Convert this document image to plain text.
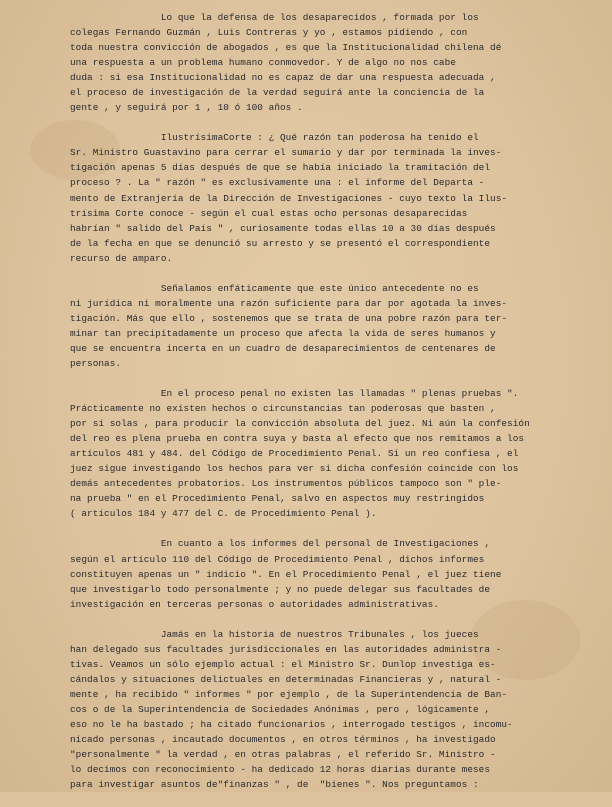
Lo que la defensa de los desaparecidos , formada por los
colegas Fernando Guzmán , Luis Contreras y yo , estamos pidiendo , con
toda nuestra convicción de abogados , es que la Institucionalidad chilena dé
una respuesta a un problema humano conmovedor. Y de algo no nos cabe
duda : si esa Institucionalidad no es capaz de dar una respuesta adecuada ,
el proceso de investigación de la verdad seguirá ante la conciencia de la
gente , y seguirá por 1 , 10 ó 100 años .
IlustrísimaCorte : ¿ Qué razón tan poderosa ha tenido el
Sr. Ministro Guastavino para cerrar el sumario y dar por terminada la inves-
tigación apenas 5 días después de que se había iniciado la tramitación del
proceso ? . La " razón " es exclusivamente una : el informe del Departa -
mento de Extranjería de la Dirección de Investigaciones - cuyo texto la Ilus-
trísima Corte conoce - según el cual estas ocho personas desaparecidas
habrían " salido del País " , curiosamente todas ellas 10 a 30 días después
de la fecha en que se denunció su arresto y se presentó el correspondiente
recurso de amparo.
Señalamos enfáticamente que este único antecedente no es
ni jurídica ni moralmente una razón suficiente para dar por agotada la inves-
tigación. Más que ello , sostenemos que se trata de una pobre razón para ter-
minar tan precipitadamente un proceso que afecta la vida de seres humanos y
que se encuentra incerta en un cuadro de desaparecimientos de centenares de
personas.
En el proceso penal no existen las llamadas " plenas pruebas ".
Prácticamente no existen hechos o circunstancias tan poderosas que basten ,
por sí solas , para producir la convicción absoluta del juez. Ni aún la confesión
del reo es plena prueba en contra suya y basta al efecto que nos remitamos a los
artículos 481 y 484. del Código de Procedimiento Penal. Si un reo confiesa , el
juez sigue investigando los hechos para ver si dicha confesión coincide con los
demás antecedentes probatorios. Los instrumentos públicos tampoco son " ple-
na prueba " en el Procedimiento Penal, salvo en aspectos muy restringidos
( artículos 184 y 477 del C. de Procedimiento Penal ).
En cuanto a los informes del personal de Investigaciones ,
según el artículo 110 del Código de Procedimiento Penal , dichos informes
constituyen apenas un " indicio ". En el Procedimiento Penal , el juez tiene
que investigarlo todo personalmente ; y no puede delegar sus facultades de
investigación en terceras personas o autoridades administrativas.
Jamás en la historia de nuestros Tribunales , los jueces
han delegado sus facultades jurisdiccionales en las autoridades administra -
tivas. Veamos un sólo ejemplo actual : el Ministro Sr. Dunlop investiga es-
cándalos y situaciones delictuales en determinadas Financieras y , natural -
mente , ha recibido " informes " por ejemplo , de la Superintendencia de Ban-
cos o de la Superintendencia de Sociedades Anónimas , pero , lógicamente ,
eso no le ha bastado ; ha citado funcionarios , interrogado testigos , incomu-
nicado personas , incautado documentos , en otros términos , ha investigado
"personalmente " la verdad , en otras palabras , el referido Sr. Ministro -
lo decimos con reconocimiento - ha dedicado 12 horas diarias durante meses
para investigar asuntos de"finanzas " , de  "bienes ". Nos preguntamos :
